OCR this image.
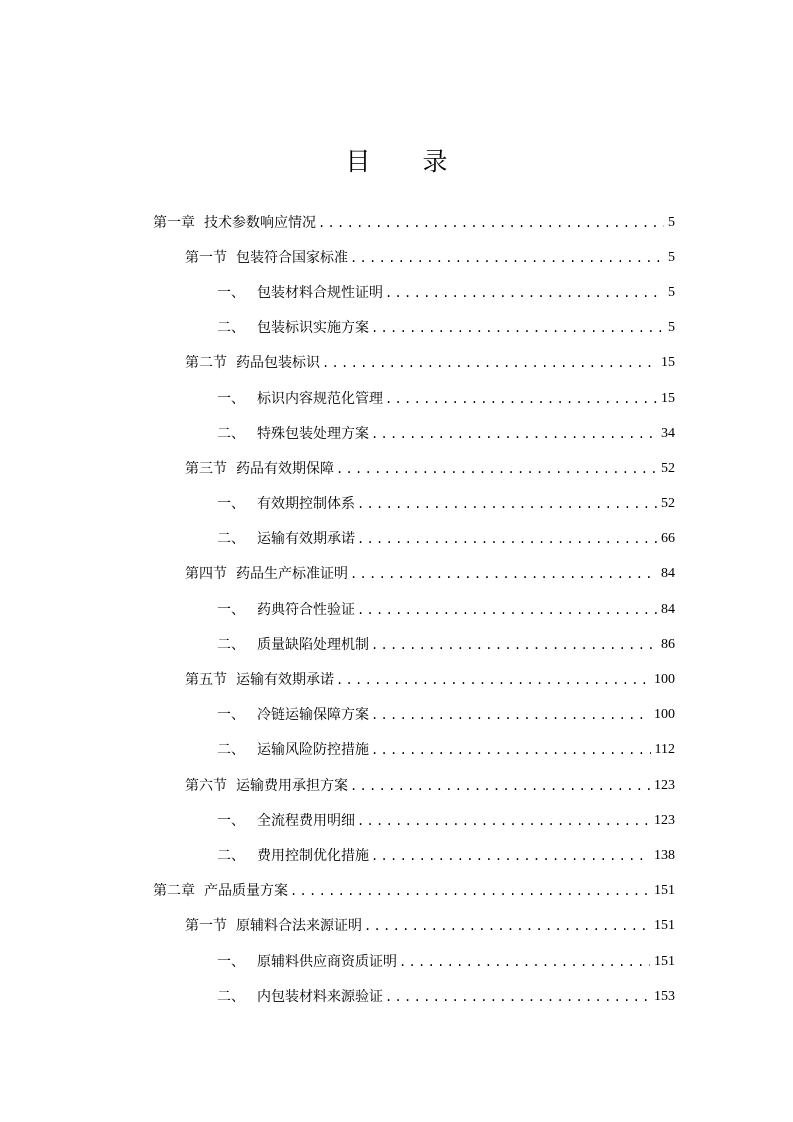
目 录
第一章 技术参数响应情况 .....	5
第一节 包装符合国家标准 .....	5
一、 包装材料合规性证明 .....	5
二、 包装标识实施方案 .....	5
第二节 药品包装标识 .....	15
一、 标识内容规范化管理 .....	15
二、 特殊包装处理方案 .....	34
第三节 药品有效期保障 .....	52
一、 有效期控制体系 .....	52
二、 运输有效期承诺 .....	66
第四节 药品生产标准证明 .....	84
一、 药典符合性验证 .....	84
二、 质量缺陷处理机制 .....	86
第五节 运输有效期承诺 .....	100
一、 冷链运输保障方案 .....	100
二、 运输风险防控措施 .....	112
第六节 运输费用承担方案 .....	123
一、 全流程费用明细 .....	123
二、 费用控制优化措施 .....	138
第二章 产品质量方案 .....	151
第一节 原辅料合法来源证明 .....	151
一、 原辅料供应商资质证明 .....	151
二、 内包装材料来源验证 .....	153
